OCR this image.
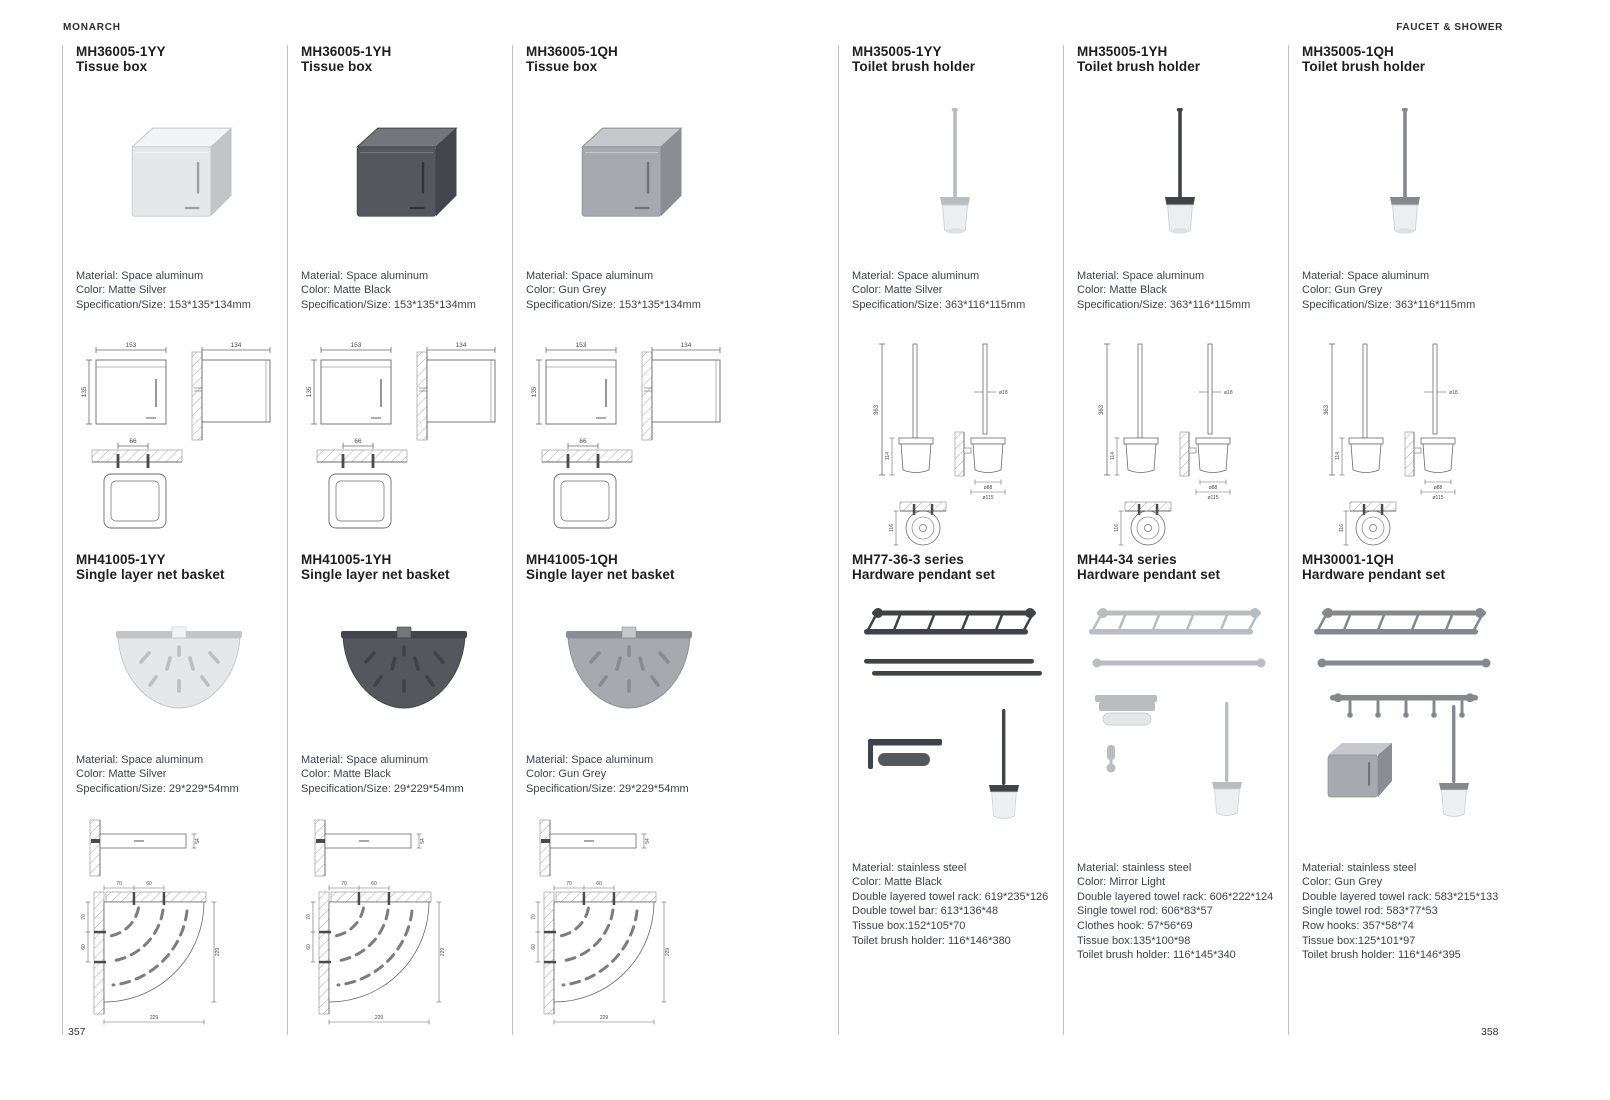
MONARCH	FAUCET & SHOWER
MH36005-1YY
Tissue box
Material: Space aluminum
Color: Matte Silver
Specification/Size: 153*135*134mm
153
135
134
66
MH41005-1YY
Single layer net basket
Material: Space aluminum
Color: Matte Silver
Specification/Size: 29*229*54mm
54
70	60
70
60
229
229
MH36005-1YH
Tissue box
Material: Space aluminum
Color: Matte Black
Specification/Size: 153*135*134mm
153
135
134
66
MH41005-1YH
Single layer net basket
Material: Space aluminum
Color: Matte Black
Specification/Size: 29*229*54mm
54
70	60
70
60
229
229
MH36005-1QH
Tissue box
Material: Space aluminum
Color: Gun Grey
Specification/Size: 153*135*134mm
153
135
134
66
MH41005-1QH
Single layer net basket
Material: Space aluminum
Color: Gun Grey
Specification/Size: 29*229*54mm
54
70	60
70
60
229
229
MH35005-1YY
Toilet brush holder
Material: Space aluminum
Color: Matte Silver
Specification/Size: 363*116*115mm
363
114
ø18
ø88
ø115
116
MH77-36-3 series
Hardware pendant set
Material: stainless steel
Color: Matte Black
Double layered towel rack: 619*235*126
Double towel bar: 613*136*48
Tissue box:152*105*70
Toilet brush holder: 116*146*380
MH35005-1YH
Toilet brush holder
Material: Space aluminum
Color: Matte Black
Specification/Size: 363*116*115mm
363
114
ø18
ø88
ø115
116
MH44-34 series
Hardware pendant set
Material: stainless steel
Color: Mirror Light
Double layered towel rack: 606*222*124
Single towel rod: 606*83*57
Clothes hook: 57*56*69
Tissue box:135*100*98
Toilet brush holder: 116*145*340
MH35005-1QH
Toilet brush holder
Material: Space aluminum
Color: Gun Grey
Specification/Size: 363*116*115mm
363
114
ø18
ø88
ø115
116
MH30001-1QH
Hardware pendant set
Material: stainless steel
Color: Gun Grey
Double layered towel rack: 583*215*133
Single towel rod: 583*77*53
Row hooks: 357*58*74
Tissue box:125*101*97
Toilet brush holder: 116*146*395
357	358
